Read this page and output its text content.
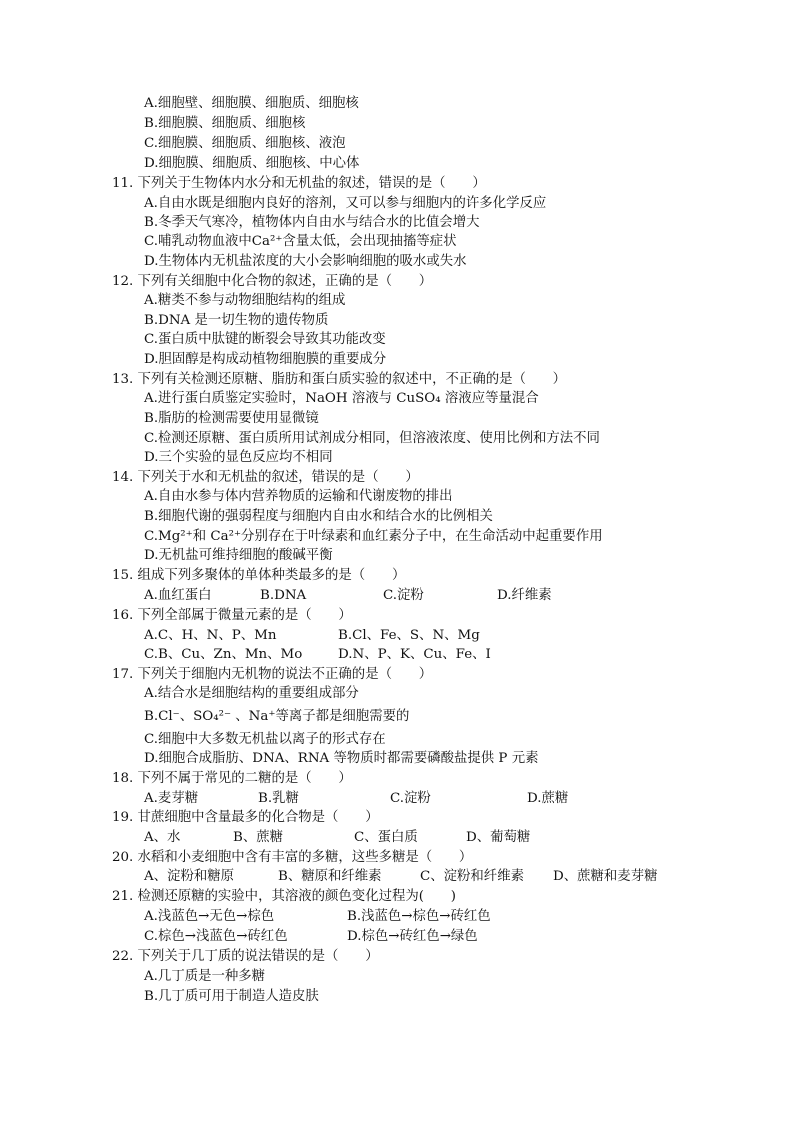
A.细胞壁、细胞膜、细胞质、细胞核
B.细胞膜、细胞质、细胞核
C.细胞膜、细胞质、细胞核、液泡
D.细胞膜、细胞质、细胞核、中心体
11. 下列关于生物体内水分和无机盐的叙述，错误的是（　　）
A.自由水既是细胞内良好的溶剂，又可以参与细胞内的许多化学反应
B.冬季天气寒冷，植物体内自由水与结合水的比值会增大
C.哺乳动物血液中Ca²⁺含量太低，会出现抽搐等症状
D.生物体内无机盐浓度的大小会影响细胞的吸水或失水
12. 下列有关细胞中化合物的叙述，正确的是（　　）
A.糖类不参与动物细胞结构的组成
B.DNA 是一切生物的遗传物质
C.蛋白质中肽键的断裂会导致其功能改变
D.胆固醇是构成动植物细胞膜的重要成分
13. 下列有关检测还原糖、脂肪和蛋白质实验的叙述中，不正确的是（　　）
A.进行蛋白质鉴定实验时，NaOH 溶液与 CuSO₄ 溶液应等量混合
B.脂肪的检测需要使用显微镜
C.检测还原糖、蛋白质所用试剂成分相同，但溶液浓度、使用比例和方法不同
D.三个实验的显色反应均不相同
14. 下列关于水和无机盐的叙述，错误的是（　　）
A.自由水参与体内营养物质的运输和代谢废物的排出
B.细胞代谢的强弱程度与细胞内自由水和结合水的比例相关
C.Mg²⁺和 Ca²⁺分别存在于叶绿素和血红素分子中，在生命活动中起重要作用
D.无机盐可维持细胞的酸碱平衡
15. 组成下列多聚体的单体种类最多的是（　　）
A.血红蛋白	B.DNA	C.淀粉	D.纤维素
16. 下列全部属于微量元素的是（　　）
A.C、H、N、P、Mn	B.Cl、Fe、S、N、Mg
C.B、Cu、Zn、Mn、Mo	D.N、P、K、Cu、Fe、I
17. 下列关于细胞内无机物的说法不正确的是（　　）
A.结合水是细胞结构的重要组成部分
B.Cl⁻、SO₄²⁻ 、Na⁺等离子都是细胞需要的
C.细胞中大多数无机盐以离子的形式存在
D.细胞合成脂肪、DNA、RNA 等物质时都需要磷酸盐提供 P 元素
18. 下列不属于常见的二糖的是（　　）
A.麦芽糖	B.乳糖	C.淀粉	D.蔗糖
19. 甘蔗细胞中含量最多的化合物是（　　）
A、水	B、蔗糖	C、蛋白质	D、葡萄糖
20. 水稻和小麦细胞中含有丰富的多糖，这些多糖是（　　）
A、淀粉和糖原	B、糖原和纤维素	C、淀粉和纤维素 D、蔗糖和麦芽糖
21. 检测还原糖的实验中，其溶液的颜色变化过程为(　　)
A.浅蓝色→无色→棕色	B.浅蓝色→棕色→砖红色
C.棕色→浅蓝色→砖红色	D.棕色→砖红色→绿色
22. 下列关于几丁质的说法错误的是（　　）
A.几丁质是一种多糖
B.几丁质可用于制造人造皮肤
